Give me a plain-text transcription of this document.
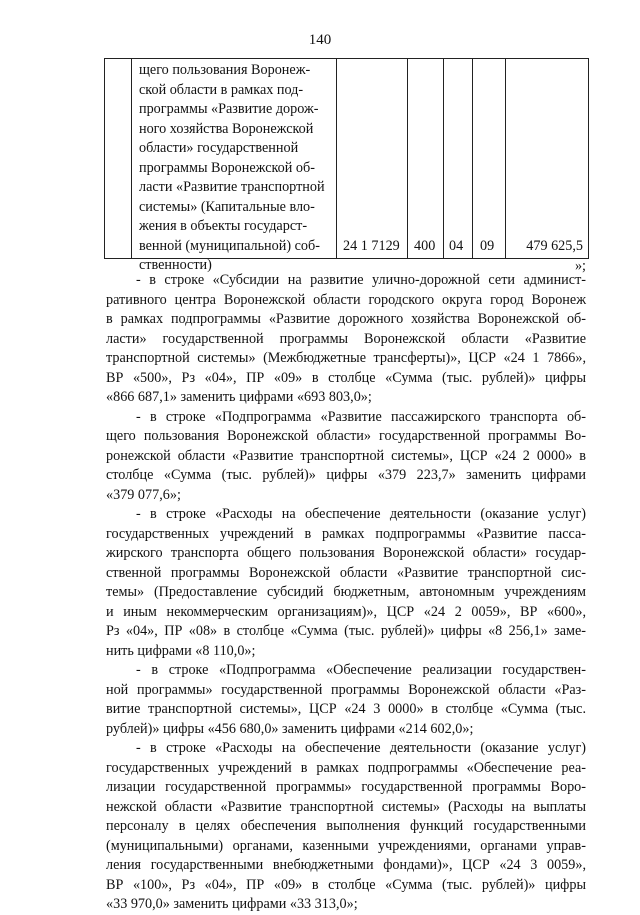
140
щего пользования Воронеж-
ской области в рамках под-
программы «Развитие дорож-
ного хозяйства Воронежской
области» государственной
программы Воронежской об-
ласти «Развитие транспортной
системы» (Капитальные вло-
жения в объекты государст-
венной (муниципальной) соб-
ственности)
24 1 7129 400 04 09 479 625,5
»;
- в строке «Субсидии на развитие улично-дорожной сети админист-
ративного центра Воронежской области городского округа город Воронеж
в рамках подпрограммы «Развитие дорожного хозяйства Воронежской об-
ласти» государственной программы Воронежской области «Развитие
транспортной системы» (Межбюджетные трансферты)», ЦСР «24 1 7866»,
ВР «500», Рз «04», ПР «09» в столбце «Сумма (тыс. рублей)» цифры
«866 687,1» заменить цифрами «693 803,0»;
- в строке «Подпрограмма «Развитие пассажирского транспорта об-
щего пользования Воронежской области» государственной программы Во-
ронежской области «Развитие транспортной системы», ЦСР «24 2 0000» в
столбце «Сумма (тыс. рублей)» цифры «379 223,7» заменить цифрами
«379 077,6»;
- в строке «Расходы на обеспечение деятельности (оказание услуг)
государственных учреждений в рамках подпрограммы «Развитие пасса-
жирского транспорта общего пользования Воронежской области» государ-
ственной программы Воронежской области «Развитие транспортной сис-
темы» (Предоставление субсидий бюджетным, автономным учреждениям
и иным некоммерческим организациям)», ЦСР «24 2 0059», ВР «600»,
Рз «04», ПР «08» в столбце «Сумма (тыс. рублей)» цифры «8 256,1» заме-
нить цифрами «8 110,0»;
- в строке «Подпрограмма «Обеспечение реализации государствен-
ной программы» государственной программы Воронежской области «Раз-
витие транспортной системы», ЦСР «24 3 0000» в столбце «Сумма (тыс.
рублей)» цифры «456 680,0» заменить цифрами «214 602,0»;
- в строке «Расходы на обеспечение деятельности (оказание услуг)
государственных учреждений в рамках подпрограммы «Обеспечение реа-
лизации государственной программы» государственной программы Воро-
нежской области «Развитие транспортной системы» (Расходы на выплаты
персоналу в целях обеспечения выполнения функций государственными
(муниципальными) органами, казенными учреждениями, органами управ-
ления государственными внебюджетными фондами)», ЦСР «24 3 0059»,
ВР «100», Рз «04», ПР «09» в столбце «Сумма (тыс. рублей)» цифры
«33 970,0» заменить цифрами «33 313,0»;
